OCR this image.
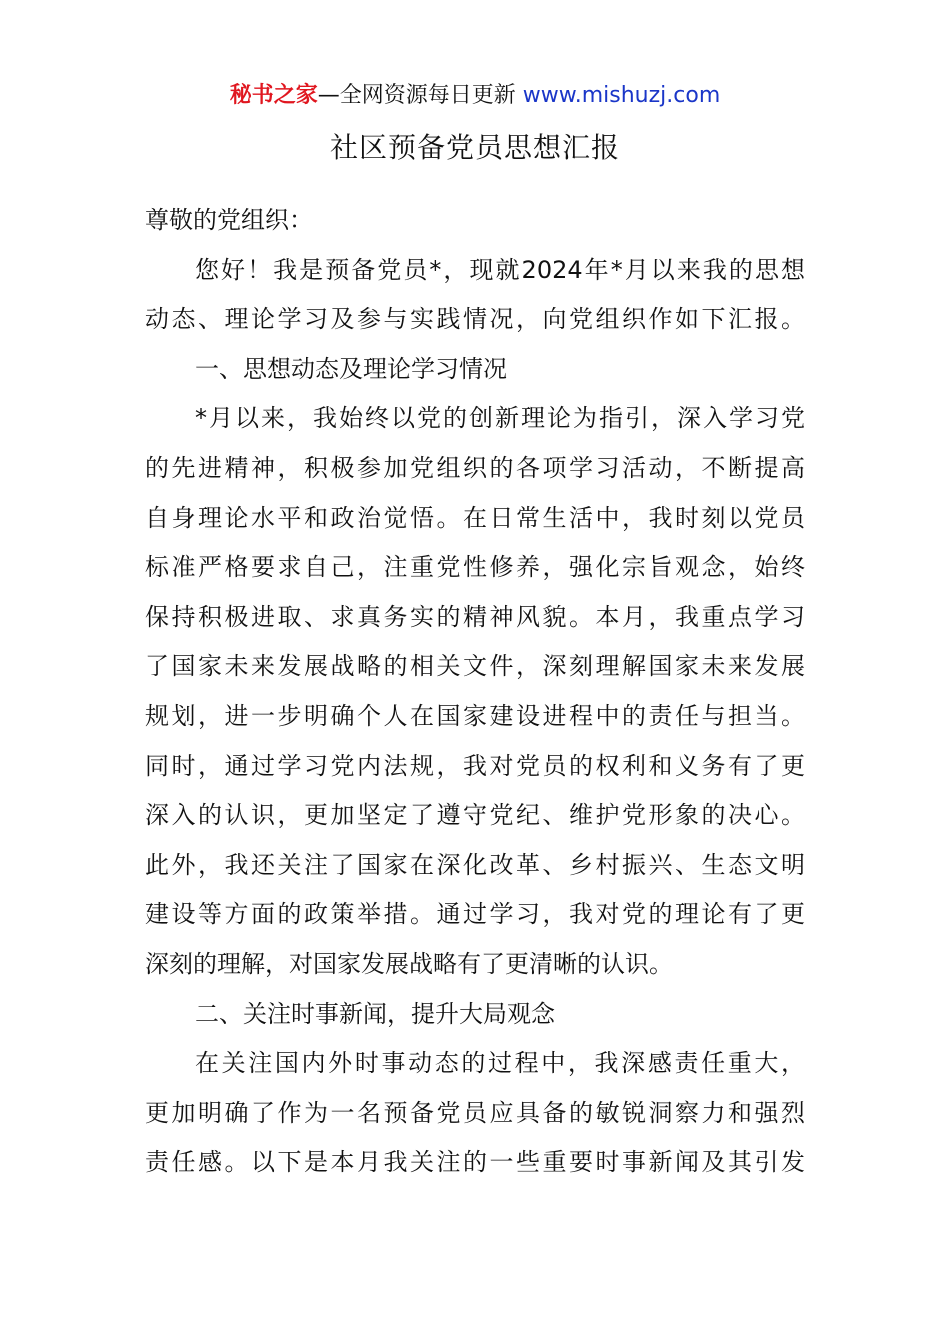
秘书之家—全网资源每日更新 www.mishuzj.com
社区预备党员思想汇报
尊敬的党组织：
您好！我是预备党员*，现就2024年*月以来我的思想
动态、理论学习及参与实践情况，向党组织作如下汇报。
一、思想动态及理论学习情况
*月以来，我始终以党的创新理论为指引，深入学习党
的先进精神，积极参加党组织的各项学习活动，不断提高
自身理论水平和政治觉悟。在日常生活中，我时刻以党员
标准严格要求自己，注重党性修养，强化宗旨观念，始终
保持积极进取、求真务实的精神风貌。本月，我重点学习
了国家未来发展战略的相关文件，深刻理解国家未来发展
规划，进一步明确个人在国家建设进程中的责任与担当。
同时，通过学习党内法规，我对党员的权利和义务有了更
深入的认识，更加坚定了遵守党纪、维护党形象的决心。
此外，我还关注了国家在深化改革、乡村振兴、生态文明
建设等方面的政策举措。通过学习，我对党的理论有了更
深刻的理解，对国家发展战略有了更清晰的认识。
二、关注时事新闻，提升大局观念
在关注国内外时事动态的过程中，我深感责任重大，
更加明确了作为一名预备党员应具备的敏锐洞察力和强烈
责任感。以下是本月我关注的一些重要时事新闻及其引发
